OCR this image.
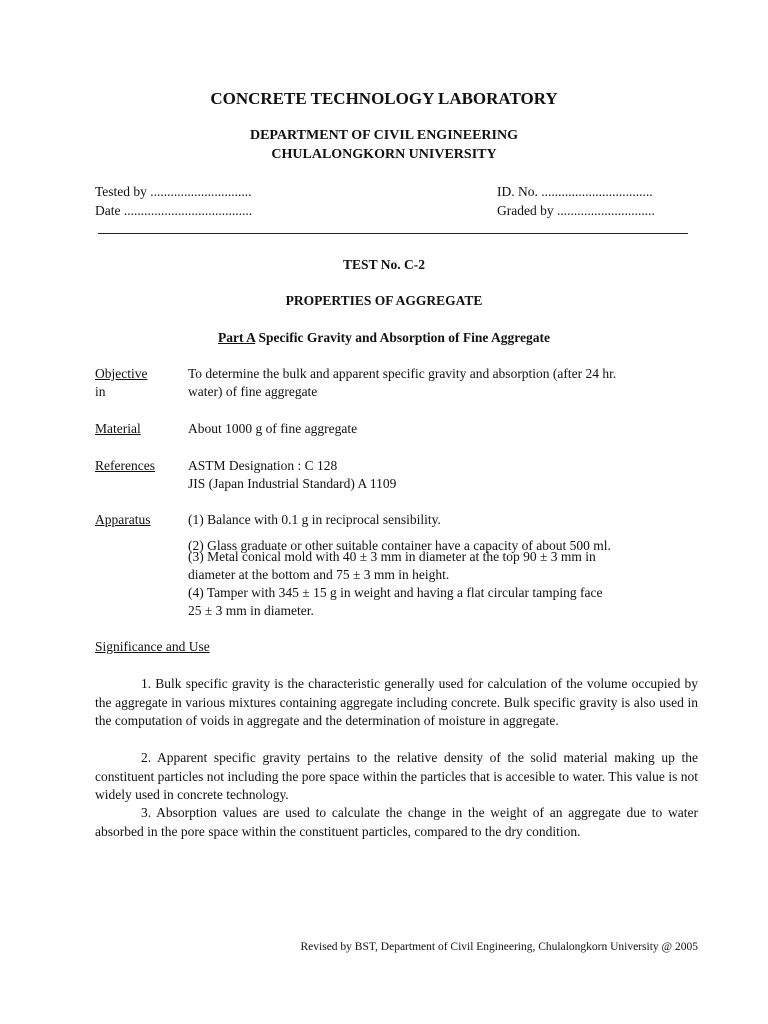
CONCRETE TECHNOLOGY LABORATORY
DEPARTMENT OF CIVIL ENGINEERING
CHULALONGKORN UNIVERSITY
Tested by ..............................
Date ......................................
ID. No. .................................
Graded by .............................
TEST No. C-2
PROPERTIES OF AGGREGATE
Part A Specific Gravity and Absorption of Fine Aggregate
Objective
in
To determine the bulk and apparent specific gravity and absorption (after 24 hr.
water) of fine aggregate
Material	About 1000 g of fine aggregate
References ASTM Designation : C 128
JIS (Japan Industrial Standard) A 1109
Apparatus	(1) Balance with 0.1 g in reciprocal sensibility.
(2) Glass graduate or other suitable container have a capacity of about 500 ml.
(3) Metal conical mold with 40 ± 3 mm in diameter at the top 90 ± 3 mm in
diameter at the bottom and 75 ± 3 mm in height.
(4) Tamper with 345 ± 15 g in weight and having a flat circular tamping face
25 ± 3 mm in diameter.
Significance and Use
1. Bulk specific gravity is the characteristic generally used for calculation of the volume occupied by the aggregate in various mixtures containing aggregate including concrete. Bulk specific gravity is also used in the computation of voids in aggregate and the determination of moisture in aggregate.
2. Apparent specific gravity pertains to the relative density of the solid material making up the constituent particles not including the pore space within the particles that is accesible to water. This value is not widely used in concrete technology.
3. Absorption values are used to calculate the change in the weight of an aggregate due to water absorbed in the pore space within the constituent particles, compared to the dry condition.
Revised by BST, Department of Civil Engineering, Chulalongkorn University @ 2005
